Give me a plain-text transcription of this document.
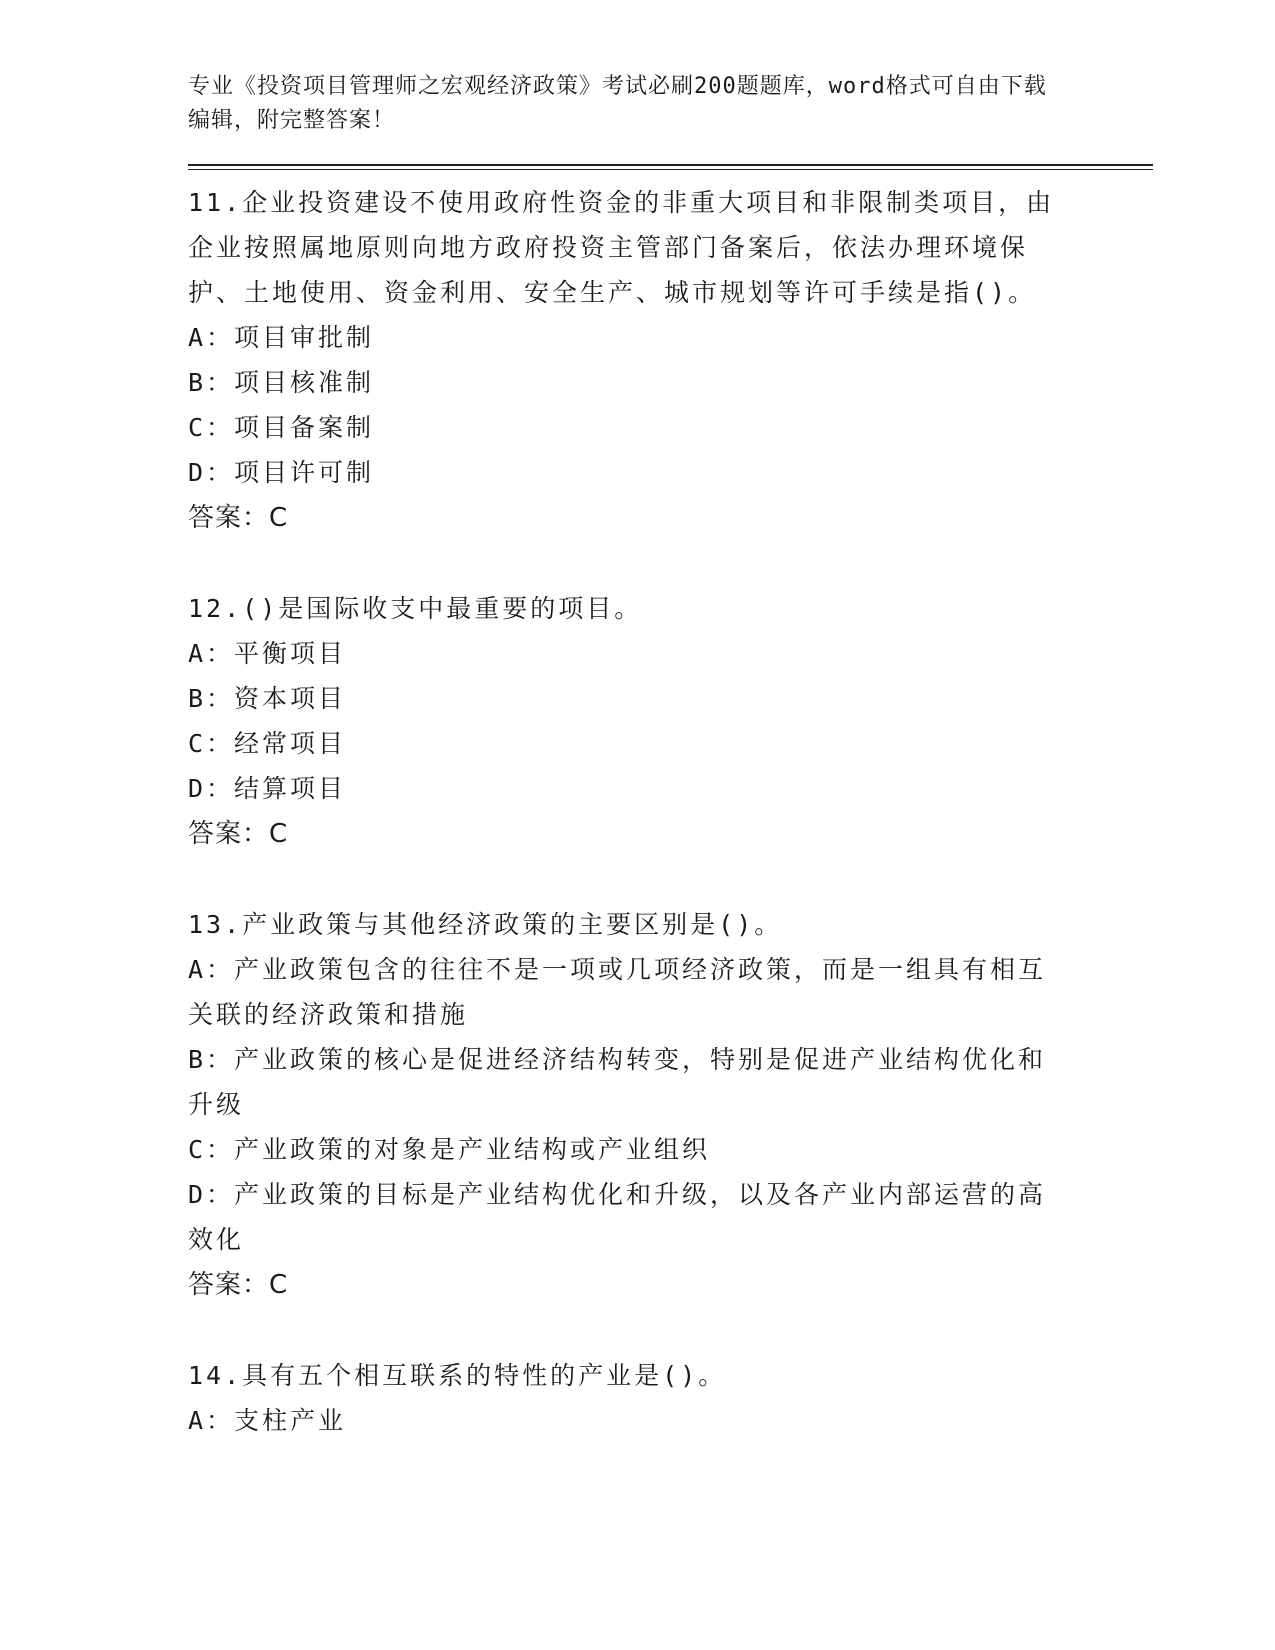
专业《投资项目管理师之宏观经济政策》考试必刷200题题库，word格式可自由下载编辑，附完整答案！
11.企业投资建设不使用政府性资金的非重大项目和非限制类项目，由企业按照属地原则向地方政府投资主管部门备案后，依法办理环境保护、土地使用、资金利用、安全生产、城市规划等许可手续是指()。
A：项目审批制
B：项目核准制
C：项目备案制
D：项目许可制
答案：C
12.()是国际收支中最重要的项目。
A：平衡项目
B：资本项目
C：经常项目
D：结算项目
答案：C
13.产业政策与其他经济政策的主要区别是()。
A：产业政策包含的往往不是一项或几项经济政策，而是一组具有相互关联的经济政策和措施
B：产业政策的核心是促进经济结构转变，特别是促进产业结构优化和升级
C：产业政策的对象是产业结构或产业组织
D：产业政策的目标是产业结构优化和升级，以及各产业内部运营的高效化
答案：C
14.具有五个相互联系的特性的产业是()。
A：支柱产业
